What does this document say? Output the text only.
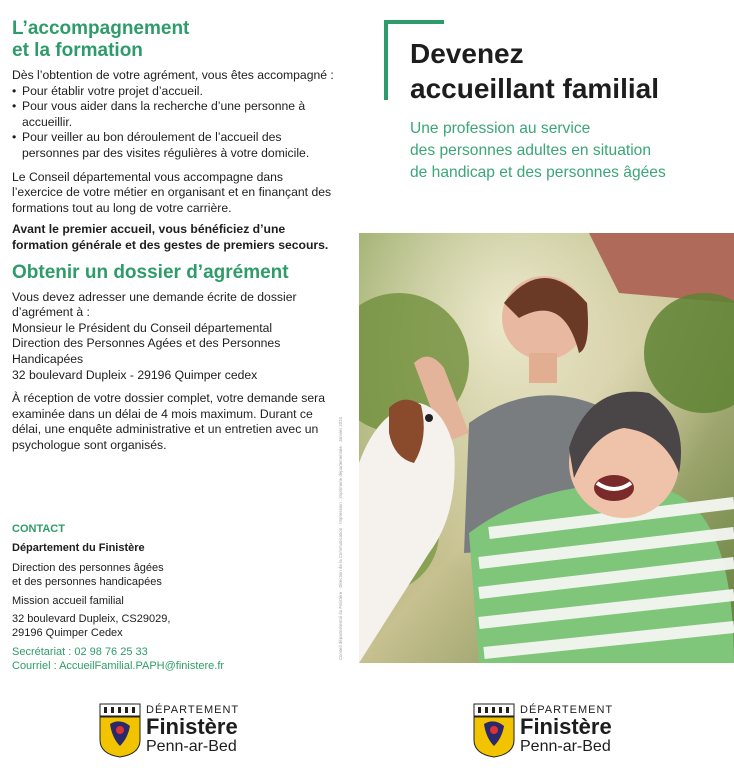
L’accompagnement
et la formation

Dès l’obtention de votre agrément, vous êtes accompagné :

• Pour établir votre projet d’accueil.
• Pour vous aider dans la recherche d’une personne à accueillir.
• Pour veiller au bon déroulement de l’accueil des personnes par des visites régulières à votre domicile.

Le Conseil départemental vous accompagne dans l’exercice de votre métier en organisant et en finançant des formations tout au long de votre carrière.

Avant le premier accueil, vous bénéficiez d’une formation générale et des gestes de premiers secours.

Obtenir un dossier d’agrément

Vous devez adresser une demande écrite de dossier d’agrément à :

Monsieur le Président du Conseil départemental
Direction des Personnes Agées et des Personnes Handicapées
32 boulevard Dupleix - 29196 Quimper cedex

À réception de votre dossier complet, votre demande sera examinée dans un délai de 4 mois maximum. Durant ce délai, une enquête administrative et un entretien avec un psychologue sont organisés.

CONTACT
Département du Finistère
Direction des personnes âgées
et des personnes handicapées
Mission accueil familial
32 boulevard Dupleix, CS29029,
29196 Quimper Cedex
Secrétariat : 02 98 76 25 33
Courriel : AccueilFamilial.PAPH@finistere.fr
Conseil départemental du Finistère · Direction de la Communication · Impression : imprimerie départementale · Janvier 2024
Devenez
accueillant familial
Une profession au service
des personnes adultes en situation
de handicap et des personnes âgées
DÉPARTEMENT
Finistère
Penn-ar-Bed
DÉPARTEMENT
Finistère
Penn-ar-Bed
